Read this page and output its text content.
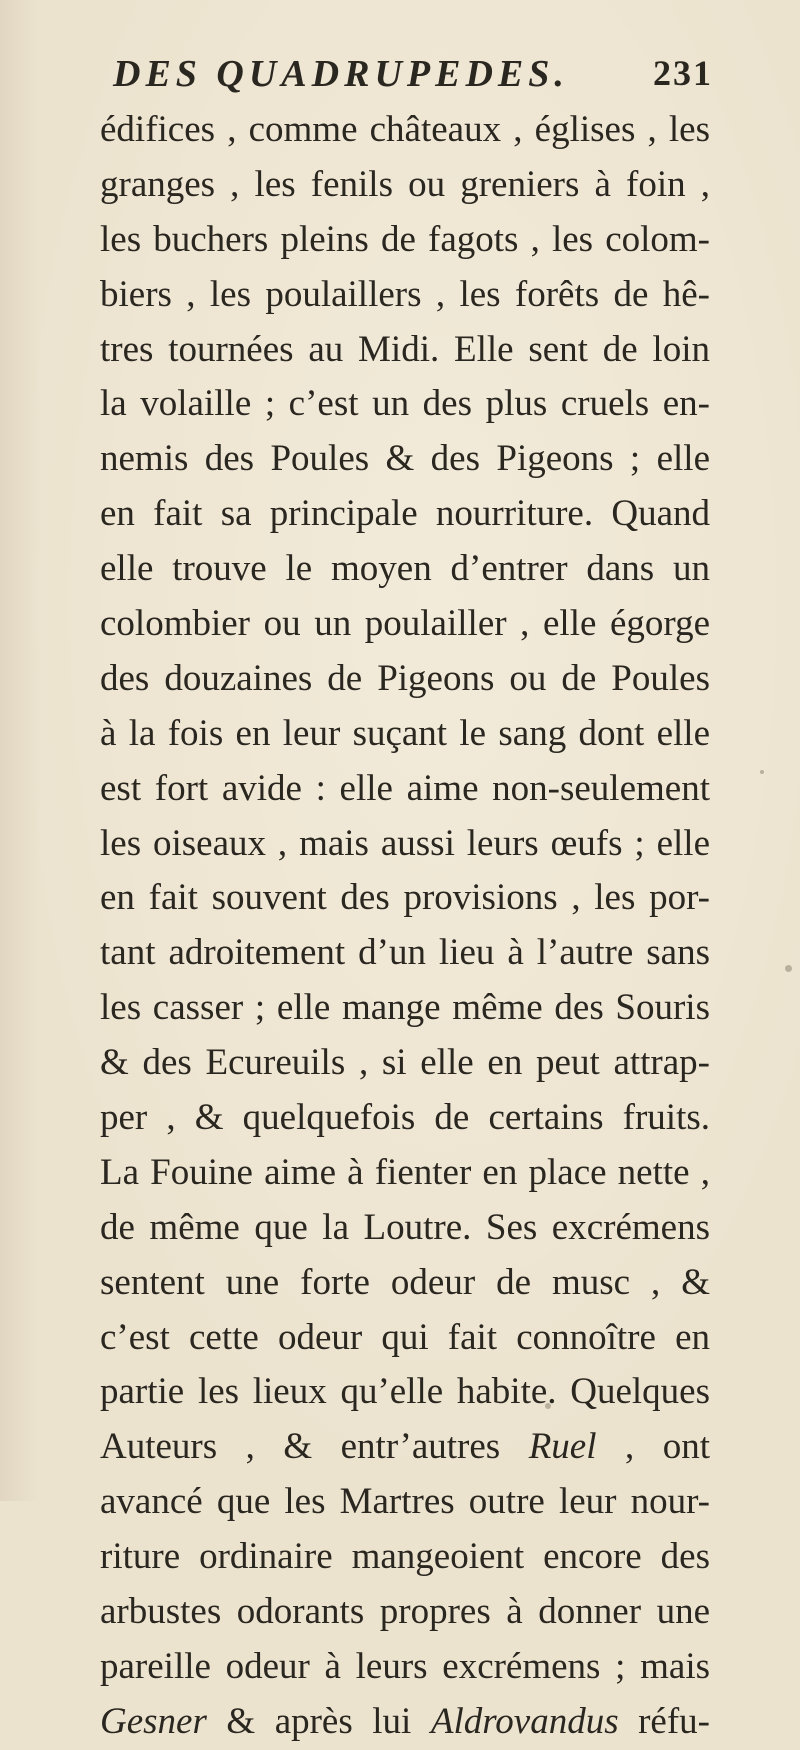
DES QUADRUPEDES. 231
édifices , comme châteaux , églises , les
granges , les fenils ou greniers à foin ,
les buchers pleins de fagots , les colom-
biers , les poulaillers , les forêts de hê-
tres tournées au Midi. Elle sent de loin
la volaille ; c’est un des plus cruels en-
nemis des Poules & des Pigeons ; elle
en fait sa principale nourriture. Quand
elle trouve le moyen d’entrer dans un
colombier ou un poulailler , elle égorge
des douzaines de Pigeons ou de Poules
à la fois en leur suçant le sang dont elle
est fort avide : elle aime non-seulement
les oiseaux , mais aussi leurs œufs ; elle
en fait souvent des provisions , les por-
tant adroitement d’un lieu à l’autre sans
les casser ; elle mange même des Souris
& des Ecureuils , si elle en peut attrap-
per , & quelquefois de certains fruits.
La Fouine aime à fienter en place nette ,
de même que la Loutre. Ses excrémens
sentent une forte odeur de musc , &
c’est cette odeur qui fait connoître en
partie les lieux qu’elle habite. Quelques
Auteurs , & entr’autres Ruel , ont
avancé que les Martres outre leur nour-
riture ordinaire mangeoient encore des
arbustes odorants propres à donner une
pareille odeur à leurs excrémens ; mais
Gesner & après lui Aldrovandus réfu-
